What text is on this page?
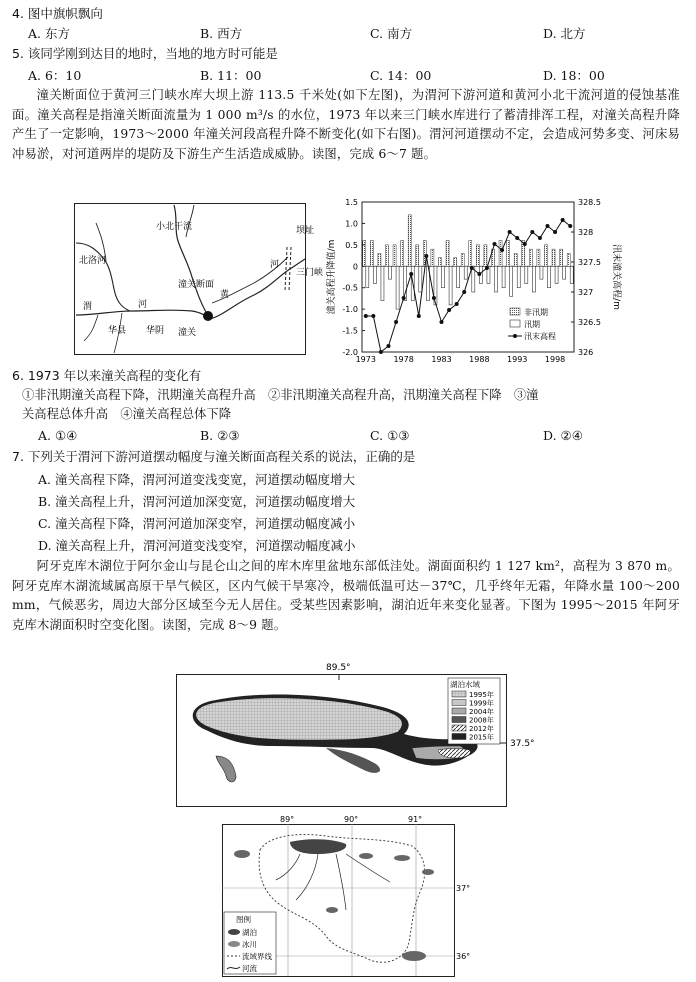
4. 图中旗帜飘向
A. 东方	B. 西方	C. 南方	D. 北方
5. 该同学刚到达目的地时，当地的地方时可能是
A. 6：10	B. 11：00	C. 14：00	D. 18：00
潼关断面位于黄河三门峡水库大坝上游 113.5 千米处(如下左图)，为渭河下游河道和黄河小北干流河道的侵蚀基准面。潼关高程是指潼关断面流量为 1 000 m³/s 的水位，1973 年以来三门峡水库进行了蓄清排浑工程，对潼关高程升降产生了一定影响，1973～2000 年潼关河段高程升降不断变化(如下右图)。渭河河道摆动不定，会造成河势多变、河床易冲易淤，对河道两岸的堤防及下游生产生活造成威胁。读图，完成 6～7 题。
北洛河
小北干流
河
坝址
三门峡
渭	河
黄
潼关断面
华县 华阴 潼关
1.5
1.0
0.5
0
-0.5
-1.0
-1.5
-2.0
328.5
328
327.5
327
326.5
326
1973 1978 1983 1988 1993 1998
潼关高程升降值/m	汛末潼关高程/m
非汛期
汛期
汛末高程
6. 1973 年以来潼关高程的变化有
①非汛期潼关高程下降，汛期潼关高程升高　②非汛期潼关高程升高，汛期潼关高程下降　③潼
关高程总体升高　④潼关高程总体下降
A. ①④	B. ②③	C. ①③	D. ②④
7. 下列关于渭河下游河道摆动幅度与潼关断面高程关系的说法，正确的是
A. 潼关高程下降，渭河河道变浅变宽，河道摆动幅度增大
B. 潼关高程上升，渭河河道加深变宽，河道摆动幅度增大
C. 潼关高程下降，渭河河道加深变窄，河道摆动幅度减小
D. 潼关高程上升，渭河河道变浅变窄，河道摆动幅度减小
阿牙克库木湖位于阿尔金山与昆仑山之间的库木库里盆地东部低洼处。湖面面积约 1 127 km²，高程为 3 870 m。阿牙克库木湖流域属高原干旱气候区，区内气候干旱寒冷，极端低温可达－37℃，几乎终年无霜，年降水量 100～200 mm，气候恶劣，周边大部分区域至今无人居住。受某些因素影响，湖泊近年来变化显著。下图为 1995～2015 年阿牙克库木湖面积时空变化图。读图，完成 8～9 题。
89.5°
37.5°
湖泊水域
1995年
1999年
2004年
2008年
2012年
2015年
89°	90°	91°
37°
36°
图例
湖泊
冰川
流域界线
河流
